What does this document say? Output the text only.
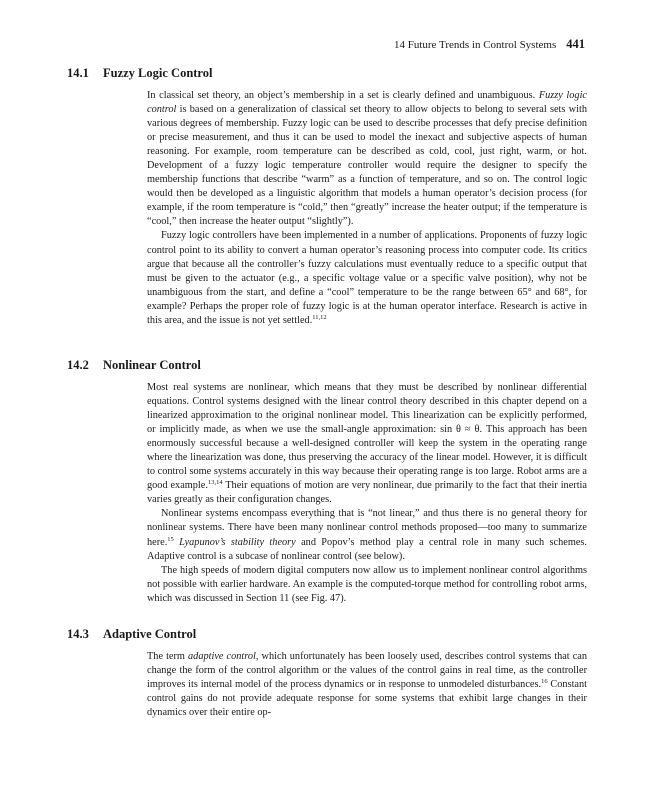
14 Future Trends in Control Systems 441
14.1 Fuzzy Logic Control

In classical set theory, an object’s membership in a set is clearly defined and unambiguous. Fuzzy logic control is based on a generalization of classical set theory to allow objects to belong to several sets with various degrees of membership. Fuzzy logic can be used to describe processes that defy precise definition or precise measurement, and thus it can be used to model the inexact and subjective aspects of human reasoning. For example, room temperature can be described as cold, cool, just right, warm, or hot. Development of a fuzzy logic temperature controller would require the designer to specify the membership functions that describe “warm” as a function of temperature, and so on. The control logic would then be developed as a linguistic algorithm that models a human operator’s decision process (for example, if the room temperature is “cold,” then “greatly” increase the heater output; if the temperature is “cool,” then increase the heater output “slightly”).

Fuzzy logic controllers have been implemented in a number of applications. Proponents of fuzzy logic control point to its ability to convert a human operator’s reasoning process into computer code. Its critics argue that because all the controller’s fuzzy calculations must eventually reduce to a specific output that must be given to the actuator (e.g., a specific voltage value or a specific valve position), why not be unambiguous from the start, and define a “cool” temperature to be the range between 65° and 68°, for example? Perhaps the proper role of fuzzy logic is at the human operator interface. Research is active in this area, and the issue is not yet settled.$^{11,12}$

14.2 Nonlinear Control

Most real systems are nonlinear, which means that they must be described by nonlinear differential equations. Control systems designed with the linear control theory described in this chapter depend on a linearized approximation to the original nonlinear model. This linearization can be explicitly performed, or implicitly made, as when we use the small-angle approximation: sin θ ≈ θ. This approach has been enormously successful because a well-designed controller will keep the system in the operating range where the linearization was done, thus preserving the accuracy of the linear model. However, it is difficult to control some systems accurately in this way because their operating range is too large. Robot arms are a good example.$^{13,14}$ Their equations of motion are very nonlinear, due primarily to the fact that their inertia varies greatly as their configuration changes.

Nonlinear systems encompass everything that is “not linear,” and thus there is no general theory for nonlinear systems. There have been many nonlinear control methods proposed—too many to summarize here.$^{15}$ Lyapunov’s stability theory and Popov’s method play a central role in many such schemes. Adaptive control is a subcase of nonlinear control (see below).

The high speeds of modern digital computers now allow us to implement nonlinear control algorithms not possible with earlier hardware. An example is the computed-torque method for controlling robot arms, which was discussed in Section 11 (see Fig. 47).

14.3 Adaptive Control

The term adaptive control, which unfortunately has been loosely used, describes control systems that can change the form of the control algorithm or the values of the control gains in real time, as the controller improves its internal model of the process dynamics or in response to unmodeled disturbances.$^{16}$ Constant control gains do not provide adequate response for some systems that exhibit large changes in their dynamics over their entire op-
